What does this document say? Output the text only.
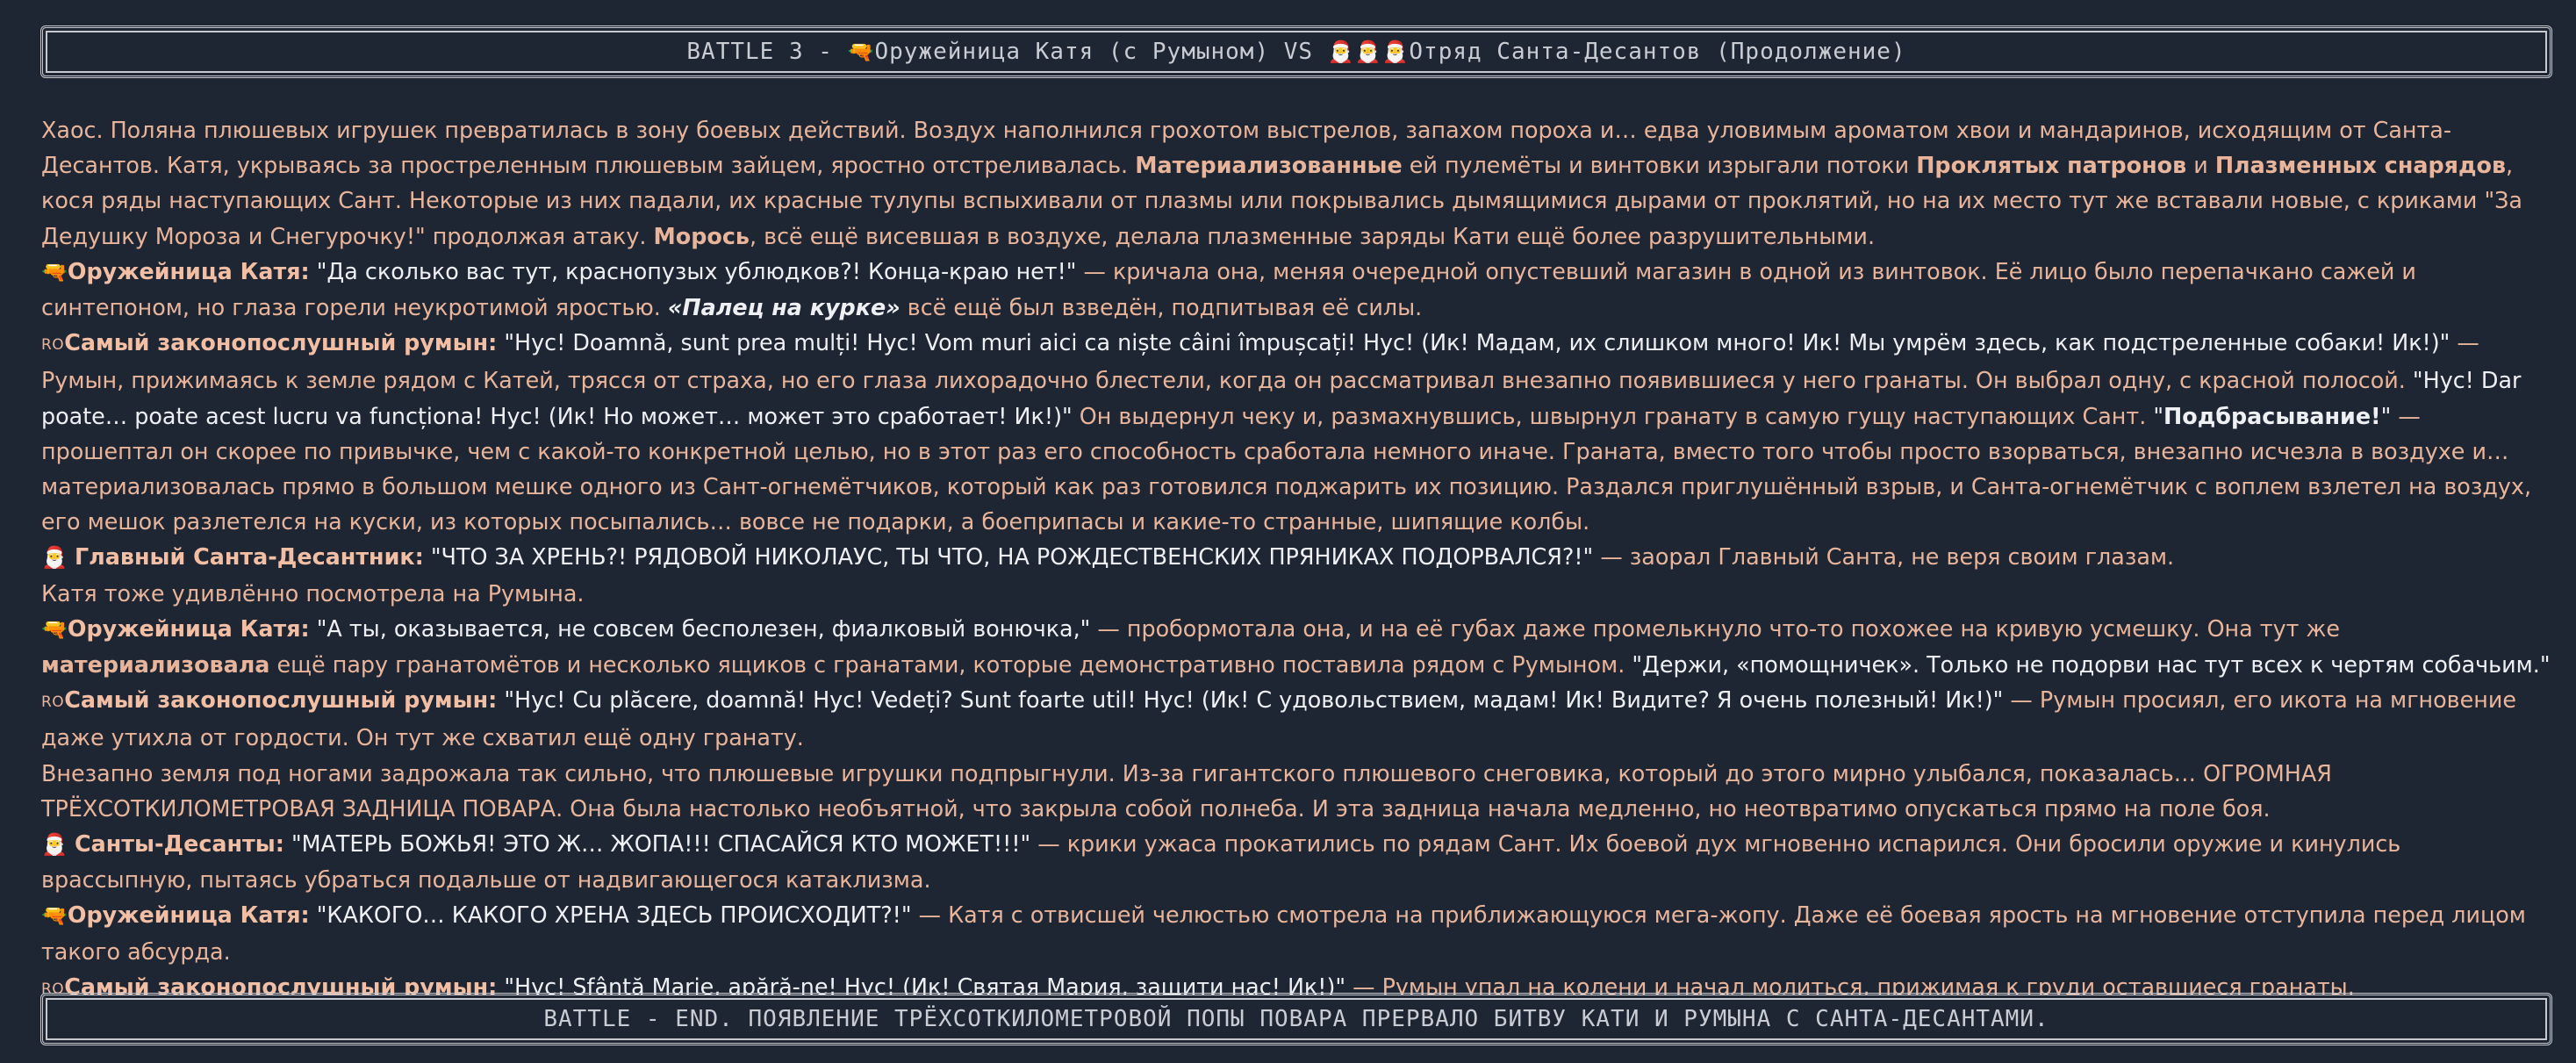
BATTLE 3 - 🔫Оружейница Катя (с Румыном) VS 🎅🎅🎅Отряд Санта-Десантов (Продолжение)

Хаос. Поляна плюшевых игрушек превратилась в зону боевых действий. Воздух наполнился грохотом выстрелов, запахом пороха и… едва уловимым ароматом хвои и мандаринов, исходящим от Санта-Десантов. Катя, укрываясь за простреленным плюшевым зайцем, яростно отстреливалась. Материализованные ей пулемёты и винтовки изрыгали потоки Проклятых патронов и Плазменных снарядов, кося ряды наступающих Сант. Некоторые из них падали, их красные тулупы вспыхивали от плазмы или покрывались дымящимися дырами от проклятий, но на их место тут же вставали новые, с криками "За Дедушку Мороза и Снегурочку!" продолжая атаку. Морось, всё ещё висевшая в воздухе, делала плазменные заряды Кати ещё более разрушительными.

🔫Оружейница Катя: "Да сколько вас тут, краснопузых ублюдков?! Конца-краю нет!" — кричала она, меняя очередной опустевший магазин в одной из винтовок. Её лицо было перепачкано сажей и синтепоном, но глаза горели неукротимой яростью. «Палец на курке» всё ещё был взведён, подпитывая её силы.

ROСамый законопослушный румын: "Нус! Doamnă, sunt prea mulți! Нус! Vom muri aici ca niște câini împușcați! Нус! (Ик! Мадам, их слишком много! Ик! Мы умрём здесь, как подстреленные собаки! Ик!)" — Румын, прижимаясь к земле рядом с Катей, трясся от страха, но его глаза лихорадочно блестели, когда он рассматривал внезапно появившиеся у него гранаты. Он выбрал одну, с красной полосой. "Нус! Dar poate… poate acest lucru va funcționa! Нус! (Ик! Но может… может это сработает! Ик!)" Он выдернул чеку и, размахнувшись, швырнул гранату в самую гущу наступающих Сант. "Подбрасывание!" — прошептал он скорее по привычке, чем с какой-то конкретной целью, но в этот раз его способность сработала немного иначе. Граната, вместо того чтобы просто взорваться, внезапно исчезла в воздухе и… материализовалась прямо в большом мешке одного из Сант-огнемётчиков, который как раз готовился поджарить их позицию. Раздался приглушённый взрыв, и Санта-огнемётчик с воплем взлетел на воздух, его мешок разлетелся на куски, из которых посыпались… вовсе не подарки, а боеприпасы и какие-то странные, шипящие колбы.

🎅 Главный Санта-Десантник: "ЧТО ЗА ХРЕНЬ?! РЯДОВОЙ НИКОЛАУС, ТЫ ЧТО, НА РОЖДЕСТВЕНСКИХ ПРЯНИКАХ ПОДОРВАЛСЯ?!" — заорал Главный Санта, не веря своим глазам.

Катя тоже удивлённо посмотрела на Румына.

🔫Оружейница Катя: "А ты, оказывается, не совсем бесполезен, фиалковый вонючка," — пробормотала она, и на её губах даже промелькнуло что-то похожее на кривую усмешку. Она тут же материализовала ещё пару гранатомётов и несколько ящиков с гранатами, которые демонстративно поставила рядом с Румыном. "Держи, «помощничек». Только не подорви нас тут всех к чертям собачьим."

ROСамый законопослушный румын: "Нус! Cu plăcere, doamnă! Нус! Vedeți? Sunt foarte util! Нус! (Ик! С удовольствием, мадам! Ик! Видите? Я очень полезный! Ик!)" — Румын просиял, его икота на мгновение даже утихла от гордости. Он тут же схватил ещё одну гранату.

Внезапно земля под ногами задрожала так сильно, что плюшевые игрушки подпрыгнули. Из-за гигантского плюшевого снеговика, который до этого мирно улыбался, показалась… ОГРОМНАЯ
ТРЁХСОТКИЛОМЕТРОВАЯ ЗАДНИЦА ПОВАРА. Она была настолько необъятной, что закрыла собой полнеба. И эта задница начала медленно, но неотвратимо опускаться прямо на поле боя.

🎅 Санты-Десанты: "МАТЕРЬ БОЖЬЯ! ЭТО Ж… ЖОПА!!! СПАСАЙСЯ КТО МОЖЕТ!!!" — крики ужаса прокатились по рядам Сант. Их боевой дух мгновенно испарился. Они бросили оружие и кинулись врассыпную, пытаясь убраться подальше от надвигающегося катаклизма.

🔫Оружейница Катя: "КАКОГО… КАКОГО ХРЕНА ЗДЕСЬ ПРОИСХОДИТ?!" — Катя с отвисшей челюстью смотрела на приближающуюся мега-жопу. Даже её боевая ярость на мгновение отступила перед лицом такого абсурда.

ROСамый законопослушный румын: "Нус! Sfântă Marie, apără-ne! Нус! (Ик! Святая Мария, защити нас! Ик!)" — Румын упал на колени и начал молиться, прижимая к груди оставшиеся гранаты.

BATTLE - END. ПОЯВЛЕНИЕ ТРЁХСОТКИЛОМЕТРОВОЙ ПОПЫ ПОВАРА ПРЕРВАЛО БИТВУ КАТИ И РУМЫНА С САНТА-ДЕСАНТАМИ.
